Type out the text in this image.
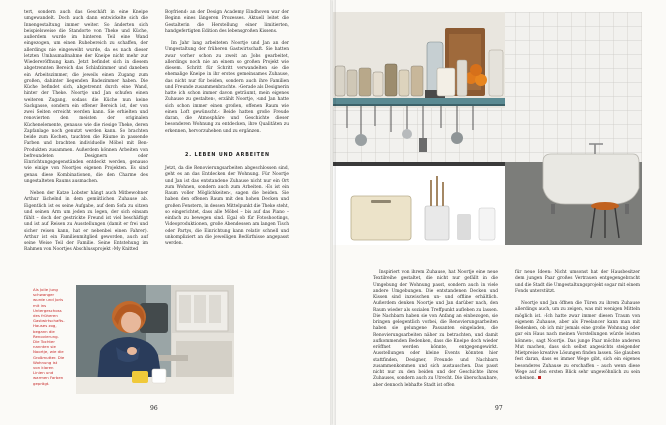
tert, sondern auch das Geschäft in eine Kneipe umgewandelt. Doch auch dann entwickelte sich die Innengestaltung immer weiter. So änderten sich beispielsweise die Standorte von Theke und Küche, außerdem wurde im hinteren Teil eine Wand eingezogen, um einen Ruhebereich zu schaffen, der allerdings nie eingeweiht wurde, da es nach dieser letzten Umbaumaßnahme der Kneipe nicht mehr zur Wiedereröffnung kam. Jetzt befindet sich in diesem abgetrennten Bereich das Schlafzimmer und daneben ein Arbeitszimmer, die jeweils einen Zugang zum großen, dahinter liegenden Badezimmer haben. Die Küche befindet sich, abgetrennt durch eine Wand, hinter der Theke. Noortje und Jan schufen einen weiteren Zugang, sodass die Küche nun keine Sackgasse, sondern ein offener Bereich ist, der von zwei Seiten erreicht werden kann. Sie erhielten und renovierten den meisten der originalen Küchenelemente, genauso wie die riesige Theke, deren Zapfanlage noch genutzt werden kann. So brachten beide zum Kochen, tauchten die Räume in passende Farben und brachten individuelle Möbel mit Ben-Produkten zusammen. Außerdem können Arbeiten von befreundeten Designern oder Einrichtungsgegenständen entdeckt werden, genauso wie einige von Noortjes eigenen Projekten. Es sind genau diese Kombinationen, die den Charme des ungestalteten Raums ausmachen.

Neben der Katze Lobster hängt auch Mitbewohner Arthur lächelnd in dem gemütlichen Zuhause ab. Eigentlich ist es seine Aufgabe, auf dem Sofa zu sitzen und seinen Arm um jeden zu legen, der sich einsam fühlt – doch der gestrickte Freund ist viel beschäftigt und ist auf Reisen zu Ausstellungen (damit er frei und sicher reisen kann, hat er nebenbei einen Fahrer). Arthur ist ein Familienmitglied geworden, auch auf seine Weise Teil der Familie. Seine Entstehung im Rahmen von Noortjes Abschlussprojekt ›My Knitted

Boyfriend‹ an der Design Academy Eindhoven war der Beginn eines längeren Prozesses. Aktuell leitet die Gestalterin die Herstellung einer limitierten, handgefertigten Edition des lebensgroßen Kissens.

Im Jahr lang arbeiteten Noortje und Jan an der Umgestaltung der früheren Gastwirtschaft. Sie hatten zwar vorher schon zu zweit an Jobs gearbeitet, allerdings noch nie an einem so großen Projekt wie diesem. Schritt für Schritt verwandelten sie die ehemalige Kneipe in ihr erstes gemeinsames Zuhause, das nicht nur für beiden, sondern auch ihre Familien und Freunde zusammenbrachte. ›Gerade als Designerin hatte ich schon immer davon geträumt, mein eigenes Zuhause zu gestalten‹, erzählt Noortje, ›und Jan hatte sich schon immer einen großen, offenen Raum wie einen Loft gewünscht.‹ Beide hatten große Freude daran, die Atmosphäre und Geschichte dieser besonderen Wohnung zu entdecken, ihre Qualitäten zu erkennen, hervorzuheben und zu ergänzen.

2. LEBEN UND ARBEITEN

Jetzt, da die Renovierungsarbeiten abgeschlossen sind, geht es an das Entdecken der Wohnung. Für Noortje und Jan ist das entstandene Zuhause nicht nur ein Ort zum Wohnen, sondern auch zum Arbeiten. ›Es ist ein Raum voller Möglichkeiten‹, sagen die beiden. Sie haben den offenen Raum mit den hohen Decken und großen Fenstern, in dessen Mittelpunkt die Theke steht, so eingerichtet, dass alle Möbel – bis auf das Piano – einfach zu bewegen sind. Egal ob für Fotoshootings, Videoproduktionen, große Abendessen am langen Tisch oder Partys, die Einrichtung kann relativ schnell und unkompliziert an die jeweiligen Bedürfnisse angepasst werden.

Als Jolie Jung schwanger wurde und Joris mit ins Untergeschoss des früheren Gastwirtschafts-Hauses zog, begann die Renovierung. Die Tochter nannten sie Noortje, wie die Großmutter. Die Wohnung ist von klaren Linien und warmen Farben geprägt.
96

Inspiriert von ihrem Zuhause, hat Noortje eine neue Textilreihe gestaltet, die nicht nur gefällt in die Umgebung der Wohnung passt, sondern auch in viele andere Umgebungen. Die entstandenen Decken und Kissen sind inzwischen un- und offline erhältlich. Außerdem denken Noortje und Jan darüber nach, den Raum wieder als sozialen Treffpunkt aufleben zu lassen. Die Nachbarn haben sie von Anfang an einbezogen, sie bringen gelegentlich vorbei, die Renovierungsarbeiten haben sie gelungene Passanten eingeladen, die Renovierungsarbeiten näher zu betrachten, und damit aufkommenden Bedenken, dass die Kneipe doch wieder eröffnet werden könnte, entgegengewirkt. Ausstellungen oder kleine Events könnten hier stattfinden, Designer, Freunde und Nachbarn zusammenkommen und sich austauschen. Das passt nicht nur zu den beiden und der Geschichte ihres Zuhauses, sondern auch zu Utrecht. Die überschaubare, aber dennoch lebhafte Stadt ist offen

für neue Ideen: Nicht umsonst hat der Hausbesitzer dem jungen Paar großes Vertrauen entgegengebracht und die Stadt die Umgestaltungsprojekt sogar mit einem Fonds unterstützt.

Noortje und Jan öffnen die Türen zu ihrem Zuhause allerdings auch, um zu zeigen, was mit wenigen Mitteln möglich ist. ›Ich hatte zwar immer diesen Traum von eigenem Zuhause, aber als Freelancer kann man mit Bedenken, ob ich mir jemals eine große Wohnung oder gar ein Haus nach meinen Vorstellungen würde leisten können‹, sagt Noortje. Das junge Paar möchte anderen Mut machen, dass sich selbst angesichts steigender Mietpreise kreative Lösungen finden lassen. Sie glauben fest daran, dass es immer Wege gibt, sich ein eigenes besonderes Zuhause zu erschaffen – auch wenn diese Wege auf den ersten Blick sehr ungewöhnlich zu sein scheinen.

97
